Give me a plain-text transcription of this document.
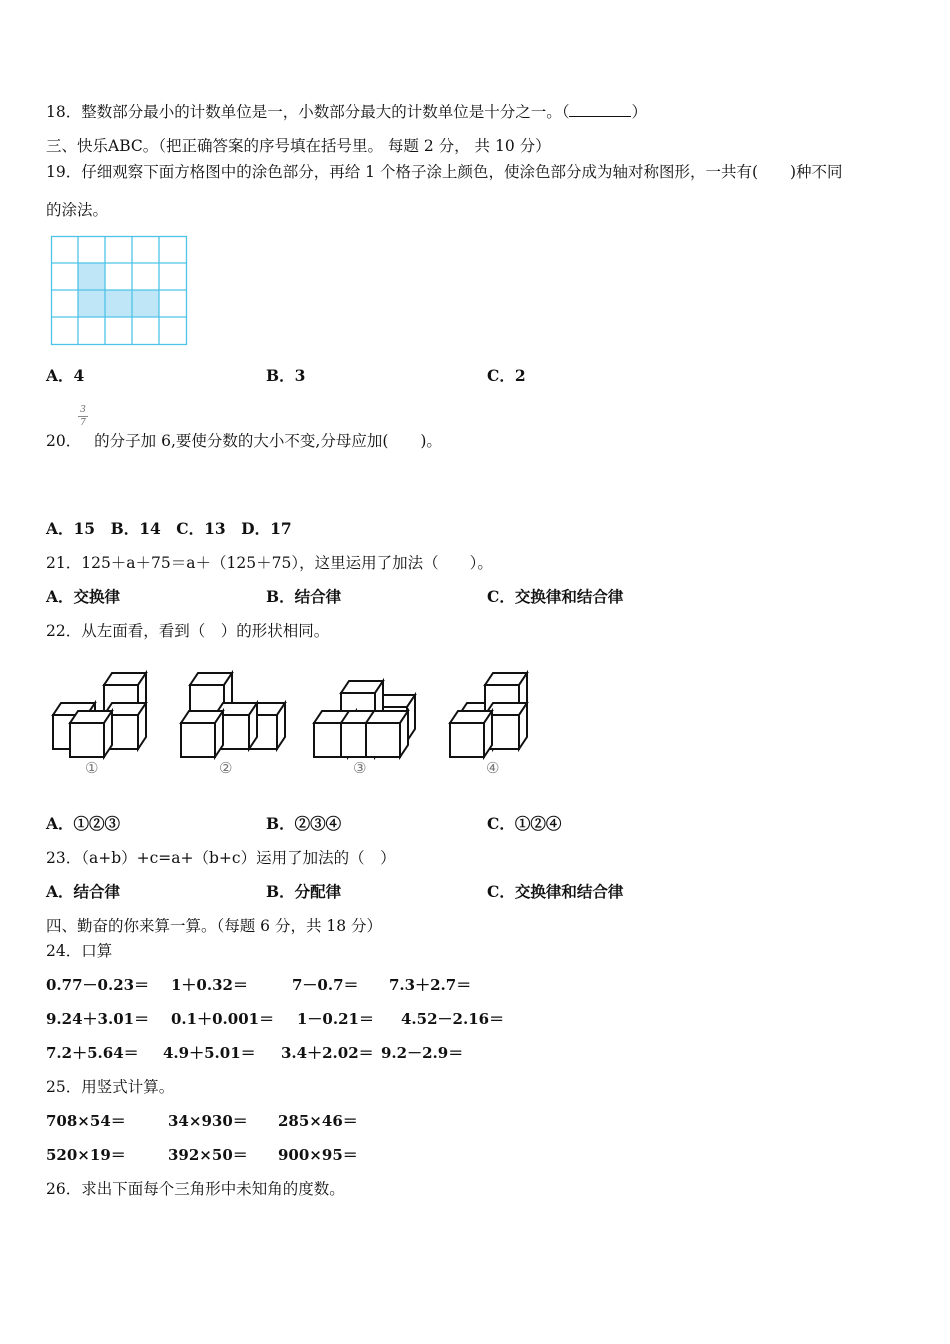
18．整数部分最小的计数单位是一，小数部分最大的计数单位是十分之一。（	）
三、快乐ABC。（把正确答案的序号填在括号里。 每题 2 分， 共 10 分）
19．仔细观察下面方格图中的涂色部分，再给 1 个格子涂上颜色，使涂色部分成为轴对称图形，一共有( )种不同
的涂法。
A．4	B．3	C．2
20．
3
7
的分子加 6,要使分数的大小不变,分母应加( )。
A．15　B．14　C．13　D．17
21．125＋a＋75＝a＋（125＋75），这里运用了加法（　　）。
A．交换律	B．结合律	C．交换律和结合律
22．从左面看，看到（　）的形状相同。
①	②	③	④
A．①②③	B．②③④	C．①②④
23．（a+b）+c=a+（b+c）运用了加法的（　）
A．结合律	B．分配律	C．交换律和结合律
四、勤奋的你来算一算。（每题 6 分，共 18 分）
24．口算
0.77－0.23＝ 1＋0.32＝	7－0.7＝ 7.3＋2.7＝
9.24＋3.01＝ 0.1＋0.001＝ 1－0.21＝ 4.52－2.16＝
7.2＋5.64＝ 4.9＋5.01＝ 3.4＋2.02＝ 9.2－2.9＝
25．用竖式计算。
708×54＝	34×930＝ 285×46＝
520×19＝	392×50＝ 900×95＝
26．求出下面每个三角形中未知角的度数。
